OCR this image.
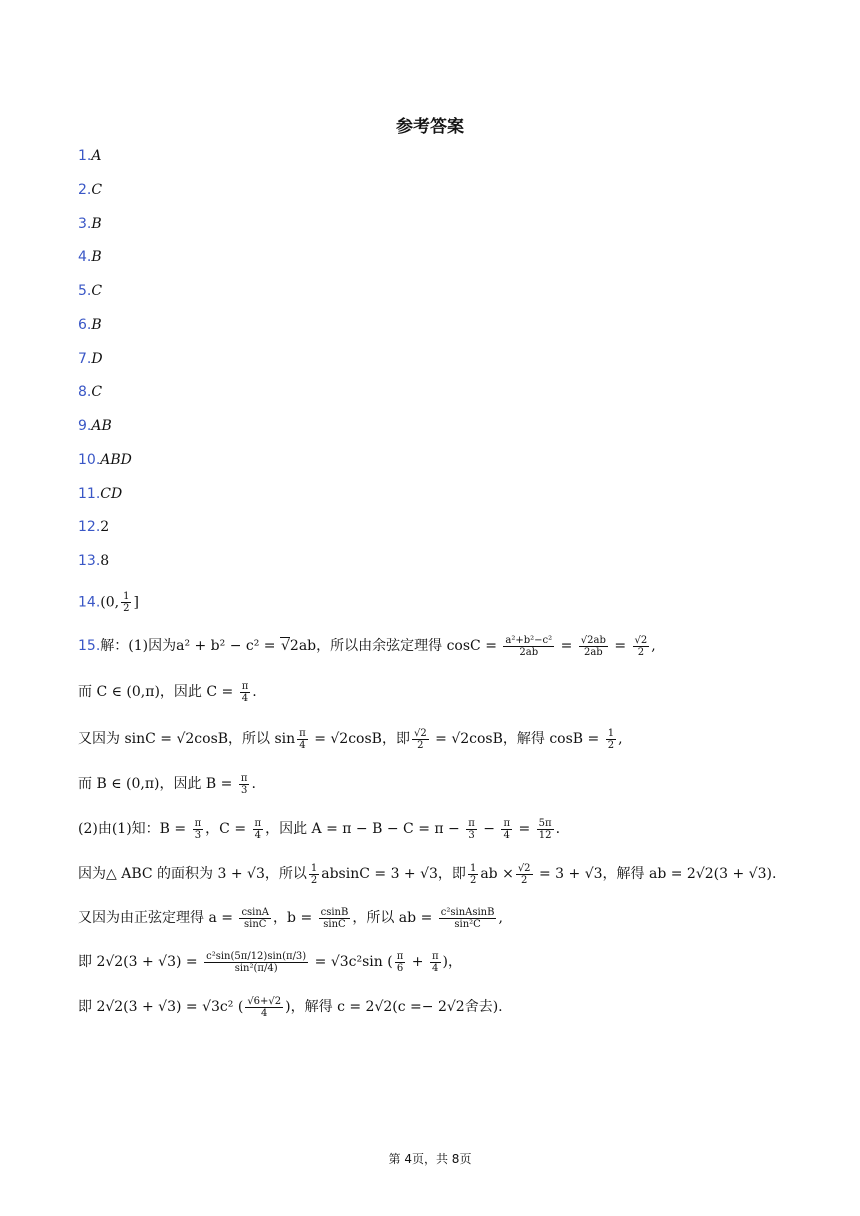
参考答案
1.A
2.C
3.B
4.B
5.C
6.B
7.D
8.C
9.AB
10.ABD
11.CD
12.2
13.8
14.(0, $\frac{1}{2}$ ]
15.解：(1)因为a² + b² − c² = √2ab，所以由余弦定理得 $\cos C = \frac{\text{a²+b²−c²}}{2ab} = \frac{√2ab}{2ab} = \frac{√2}{2}$ ,
而 C ∈ (0,π)，因此 $C = \frac{\pi}{4}$ .
又因为 sinC = √2cosB，所以 $\sin \frac{\pi}{4} = √2\cos B$，即 $\frac{√2}{2} = √2\cos B$，解得 $\cos B = \frac{1}{2}$ ,
而 B ∈ (0,π)，因此 $B = \frac{\pi}{3}$ .
(2)由(1)知：$B = \frac{\pi}{3}$ ，$C = \frac{\pi}{4}$ ，因此 $A = \pi - B - C = \pi - \frac{\pi}{3} - \frac{\pi}{4} = \frac{5\pi}{12}$ .
因为△ ABC 的面积为 3 + √3，所以 $\frac{1}{2}$ absinC = 3 + √3，即 $\frac{1}{2}$ ab × $\frac{√2}{2} = 3 + √3$，解得 ab = 2√2(3 + √3).
又因为由正弦定理得 $a = \frac{csinA}{\sin C}$ ，$b = \frac{csinB}{\sin C}$ ，所以 ab = $\frac{\text{c²sinAsinB}}{\text{sin²C}}$ ,
即 $2√2(3 + √3) = \frac{\text{c²sin(5π/12)sin(π/3)}}{\text{sin²(π/4)}} = √3c^2\sin$ ( $\frac{\pi}{6} + \frac{\pi}{4}$ )，
即 2√2(3 + √3) = √3c² ( $\frac{√6+√2}{4}$ )，解得 c = 2√2(c =− 2√2舍去).
第 4页，共 8页
